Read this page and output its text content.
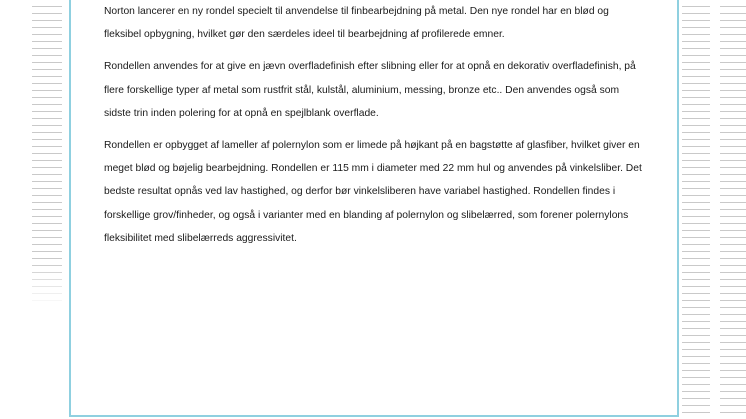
Norton lancerer en ny rondel specielt til anvendelse til finbearbejdning på metal. Den nye rondel har en blød og fleksibel opbygning, hvilket gør den særdeles ideel til bearbejdning af profilerede emner.

Rondellen anvendes for at give en jævn overfladefinish efter slibning eller for at opnå en dekorativ overfladefinish, på flere forskellige typer af metal som rustfrit stål, kulstål, aluminium, messing, bronze etc.. Den anvendes også som sidste trin inden polering for at opnå en spejlblank overflade.

Rondellen er opbygget af lameller af polernylon som er limede på højkant på en bagstøtte af glasfiber, hvilket giver en meget blød og bøjelig bearbejdning. Rondellen er 115 mm i diameter med 22 mm hul og anvendes på vinkelsliber. Det bedste resultat opnås ved lav hastighed, og derfor bør vinkelsliberen have variabel hastighed. Rondellen findes i forskellige grov/finheder, og også i varianter med en blanding af polernylon og slibelærred, som forener polernylons fleksibilitet med slibelærreds aggressivitet.
